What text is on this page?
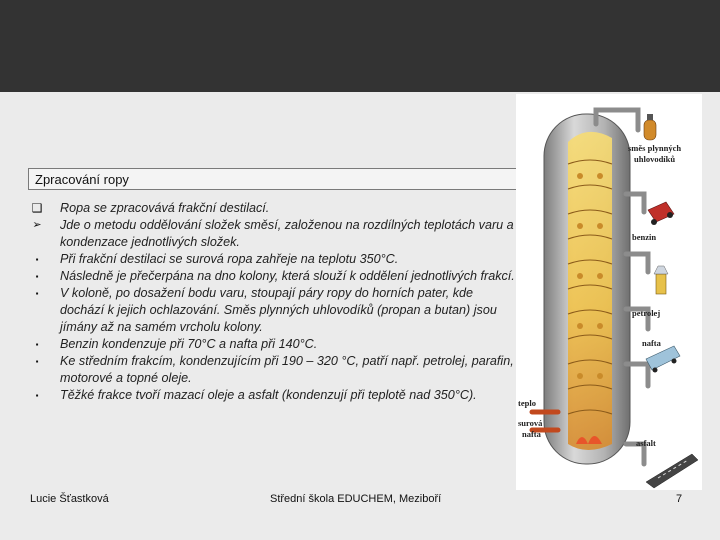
Zpracování ropy
❑ Ropa se zpracovává frakční destilací.
➢ Jde o metodu oddělování složek směsí, založenou na rozdílných teplotách varu a kondenzace jednotlivých složek.
▪	Při frakční destilaci se surová ropa zahřeje na teplotu 350°C.
▪	Následně je přečerpána na dno kolony, která slouží k oddělení jednotlivých frakcí.
▪	V koloně, po dosažení bodu varu, stoupají páry ropy do horních pater, kde dochází k jejich ochlazování. Směs plynných uhlovodíků (propan a butan) jsou jímány až na samém vrcholu kolony.
▪	Benzin kondenzuje při 70°C a nafta při 140°C.
▪	Ke středním frakcím, kondenzujícím při 190 – 320 °C, patří např. petrolej, parafin, motorové a topné oleje.
▪	Těžké frakce tvoří mazací oleje a asfalt (kondenzují při teplotě nad 350°C).
směs plynných
uhlovodíků
benzin
petrolej
nafta
teplo
surová
nafta
asfalt
Lucie Šťastková	Střední škola EDUCHEM, Meziboří	7
